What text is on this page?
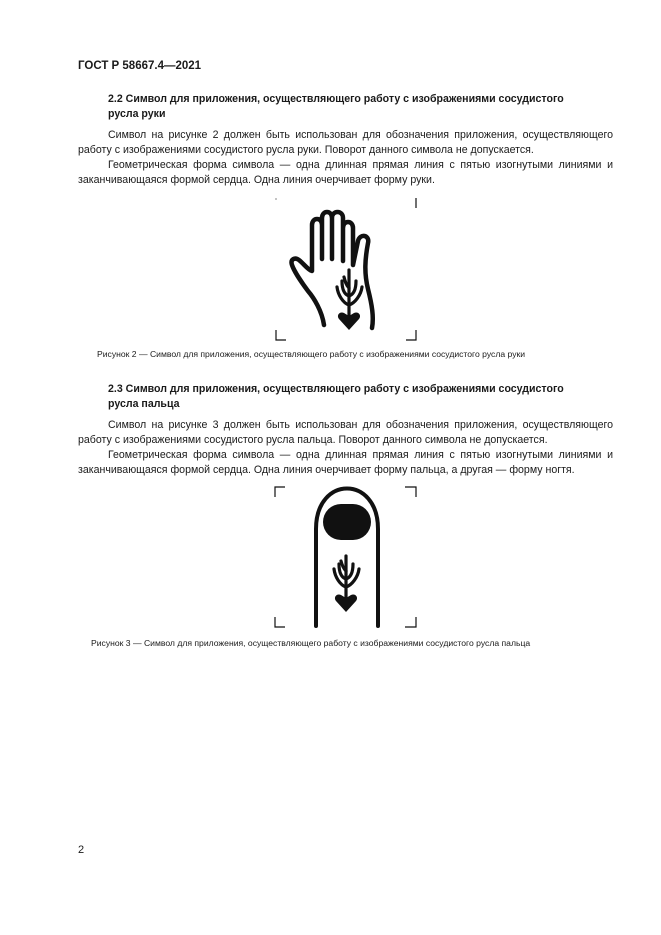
ГОСТ Р 58667.4—2021
2.2 Символ для приложения, осуществляющего работу с изображениями сосудистого
русла руки
Символ на рисунке 2 должен быть использован для обозначения приложения, осуществляющего работу с изображениями сосудистого русла руки. Поворот данного символа не допускается.
Геометрическая форма символа — одна длинная прямая линия с пятью изогнутыми линиями и заканчивающаяся формой сердца. Одна линия очерчивает форму руки.
Рисунок 2 — Символ для приложения, осуществляющего работу с изображениями сосудистого русла руки
2.3 Символ для приложения, осуществляющего работу с изображениями сосудистого
русла пальца
Символ на рисунке 3 должен быть использован для обозначения приложения, осуществляющего работу с изображениями сосудистого русла пальца. Поворот данного символа не допускается.
Геометрическая форма символа — одна длинная прямая линия с пятью изогнутыми линиями и заканчивающаяся формой сердца. Одна линия очерчивает форму пальца, а другая — форму ногтя.
Рисунок 3 — Символ для приложения, осуществляющего работу с изображениями сосудистого русла пальца
2
